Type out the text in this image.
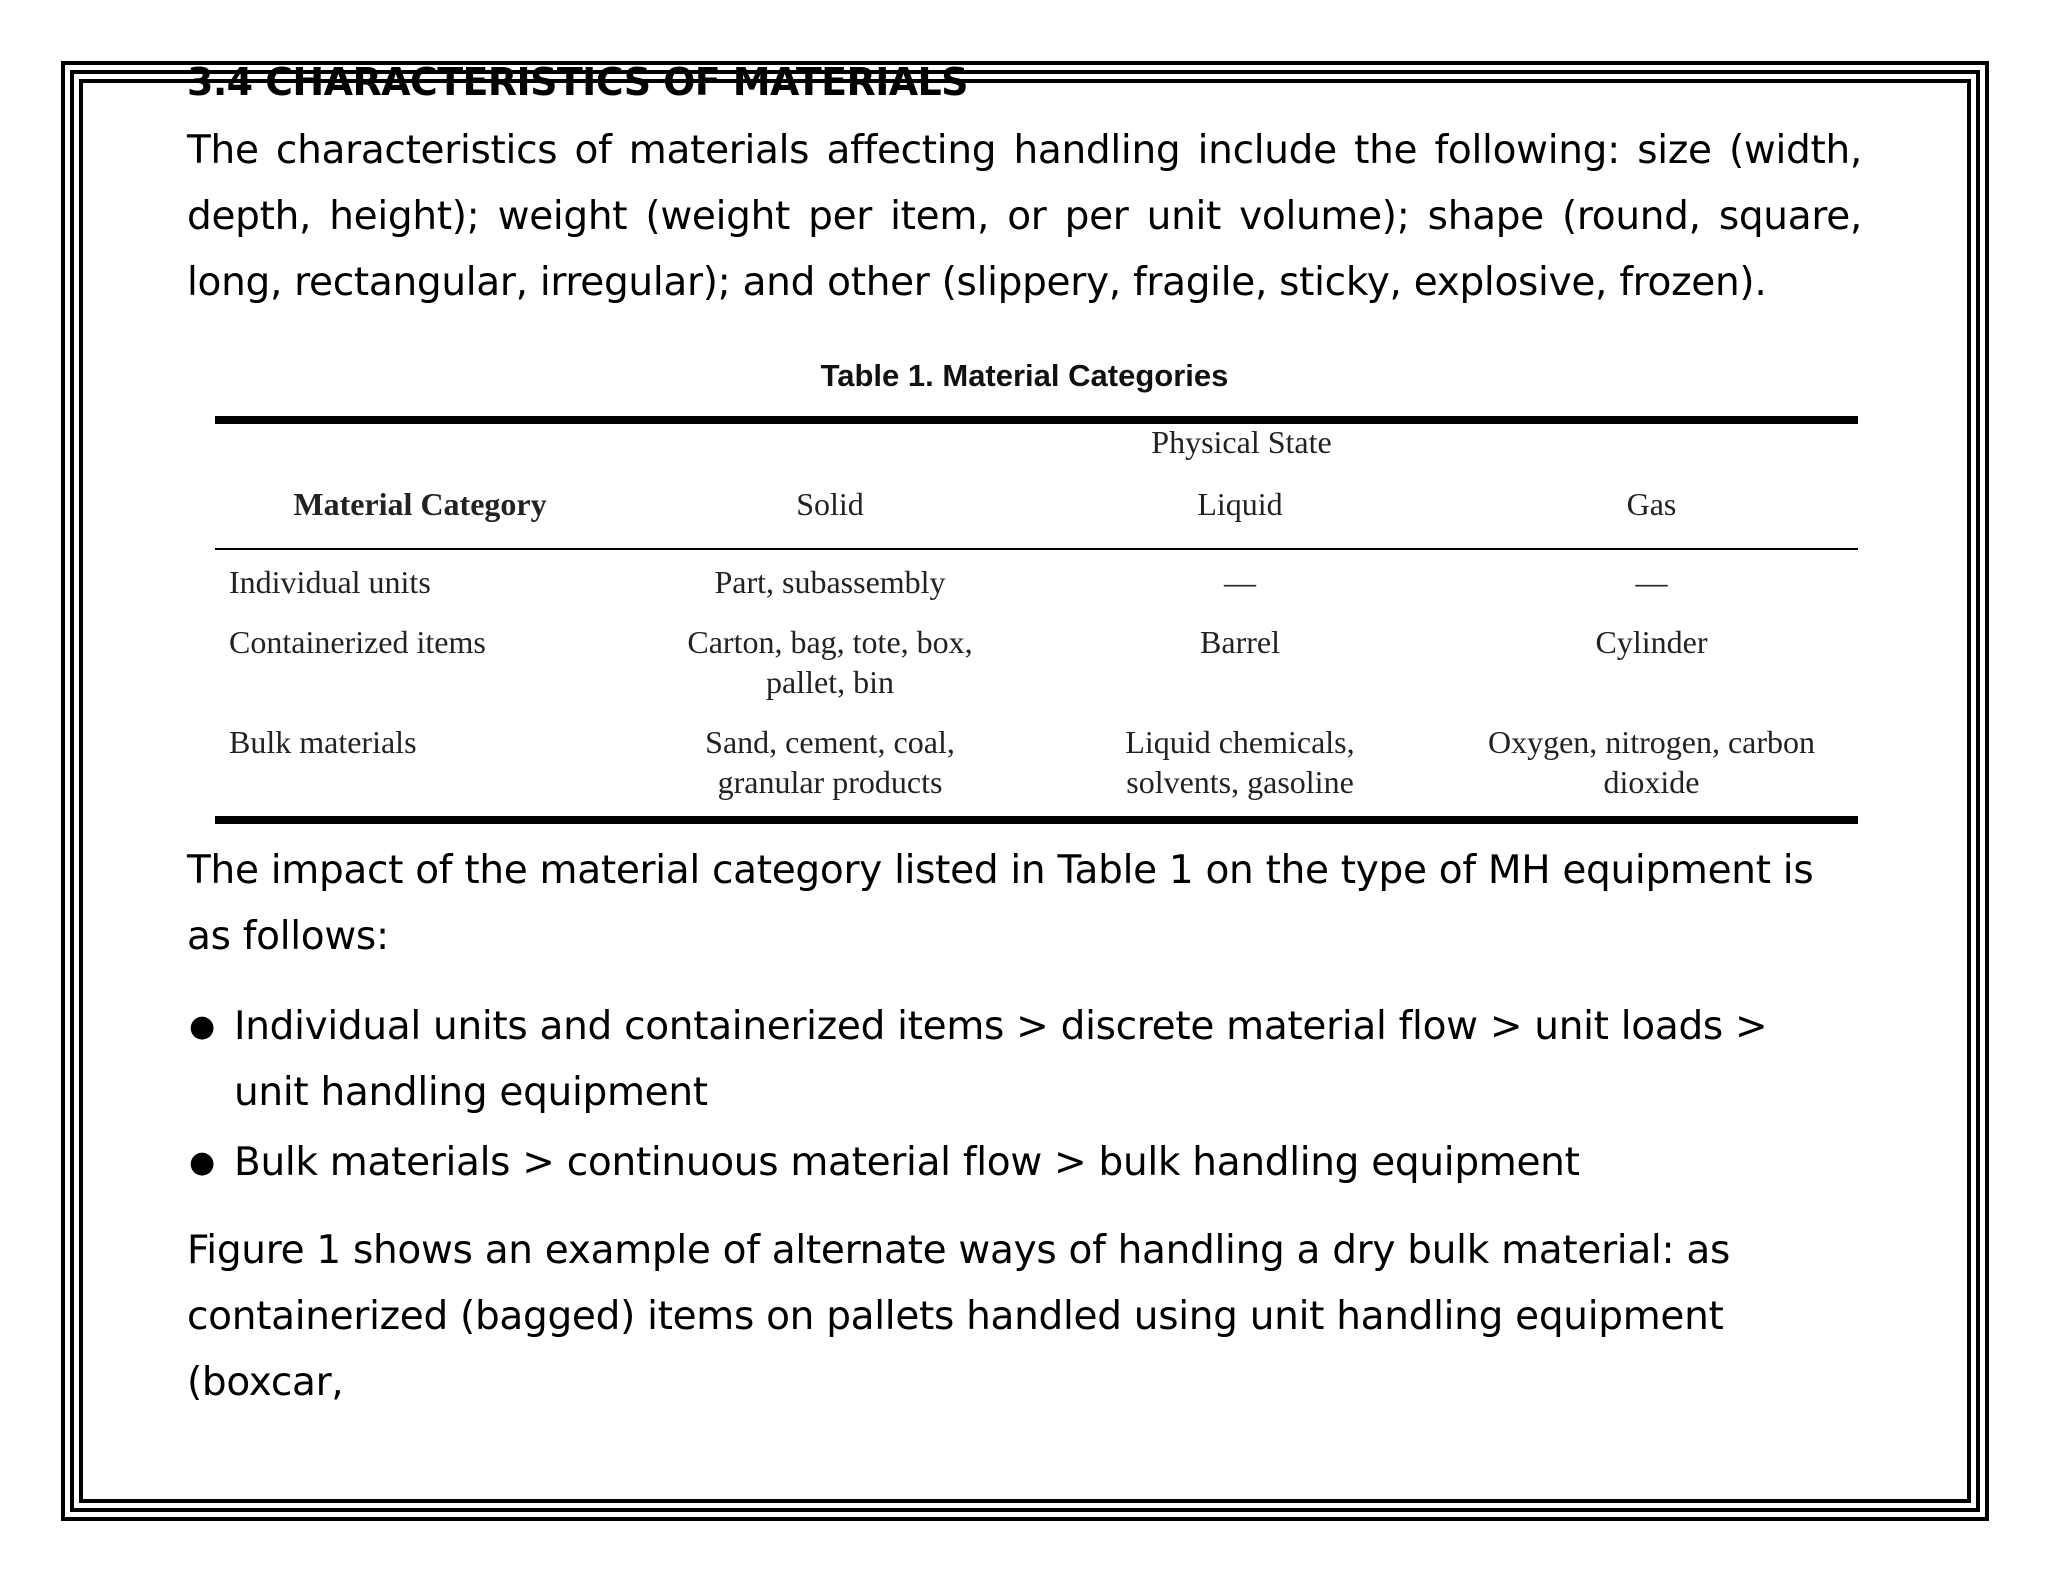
3.4 CHARACTERISTICS OF MATERIALS

The characteristics of materials affecting handling include the following: size (width, depth, height); weight (weight per item, or per unit volume); shape (round, square, long, rectangular, irregular); and other (slippery, fragile, sticky, explosive, frozen).

Table 1. Material Categories

	Physical State		
Material Category	Solid	Liquid	Gas
Individual units	Part, subassembly	—	—
Containerized items	Carton, bag, tote, box, pallet, bin	Barrel	Cylinder
Bulk materials	Sand, cement, coal, granular products	Liquid chemicals, solvents, gasoline	Oxygen, nitrogen, carbon dioxide

The impact of the material category listed in Table 1 on the type of MH equipment is as follows:

● Individual units and containerized items > discrete material flow > unit loads > unit handling equipment
● Bulk materials > continuous material flow > bulk handling equipment

Figure 1 shows an example of alternate ways of handling a dry bulk material: as containerized (bagged) items on pallets handled using unit handling equipment (boxcar,
